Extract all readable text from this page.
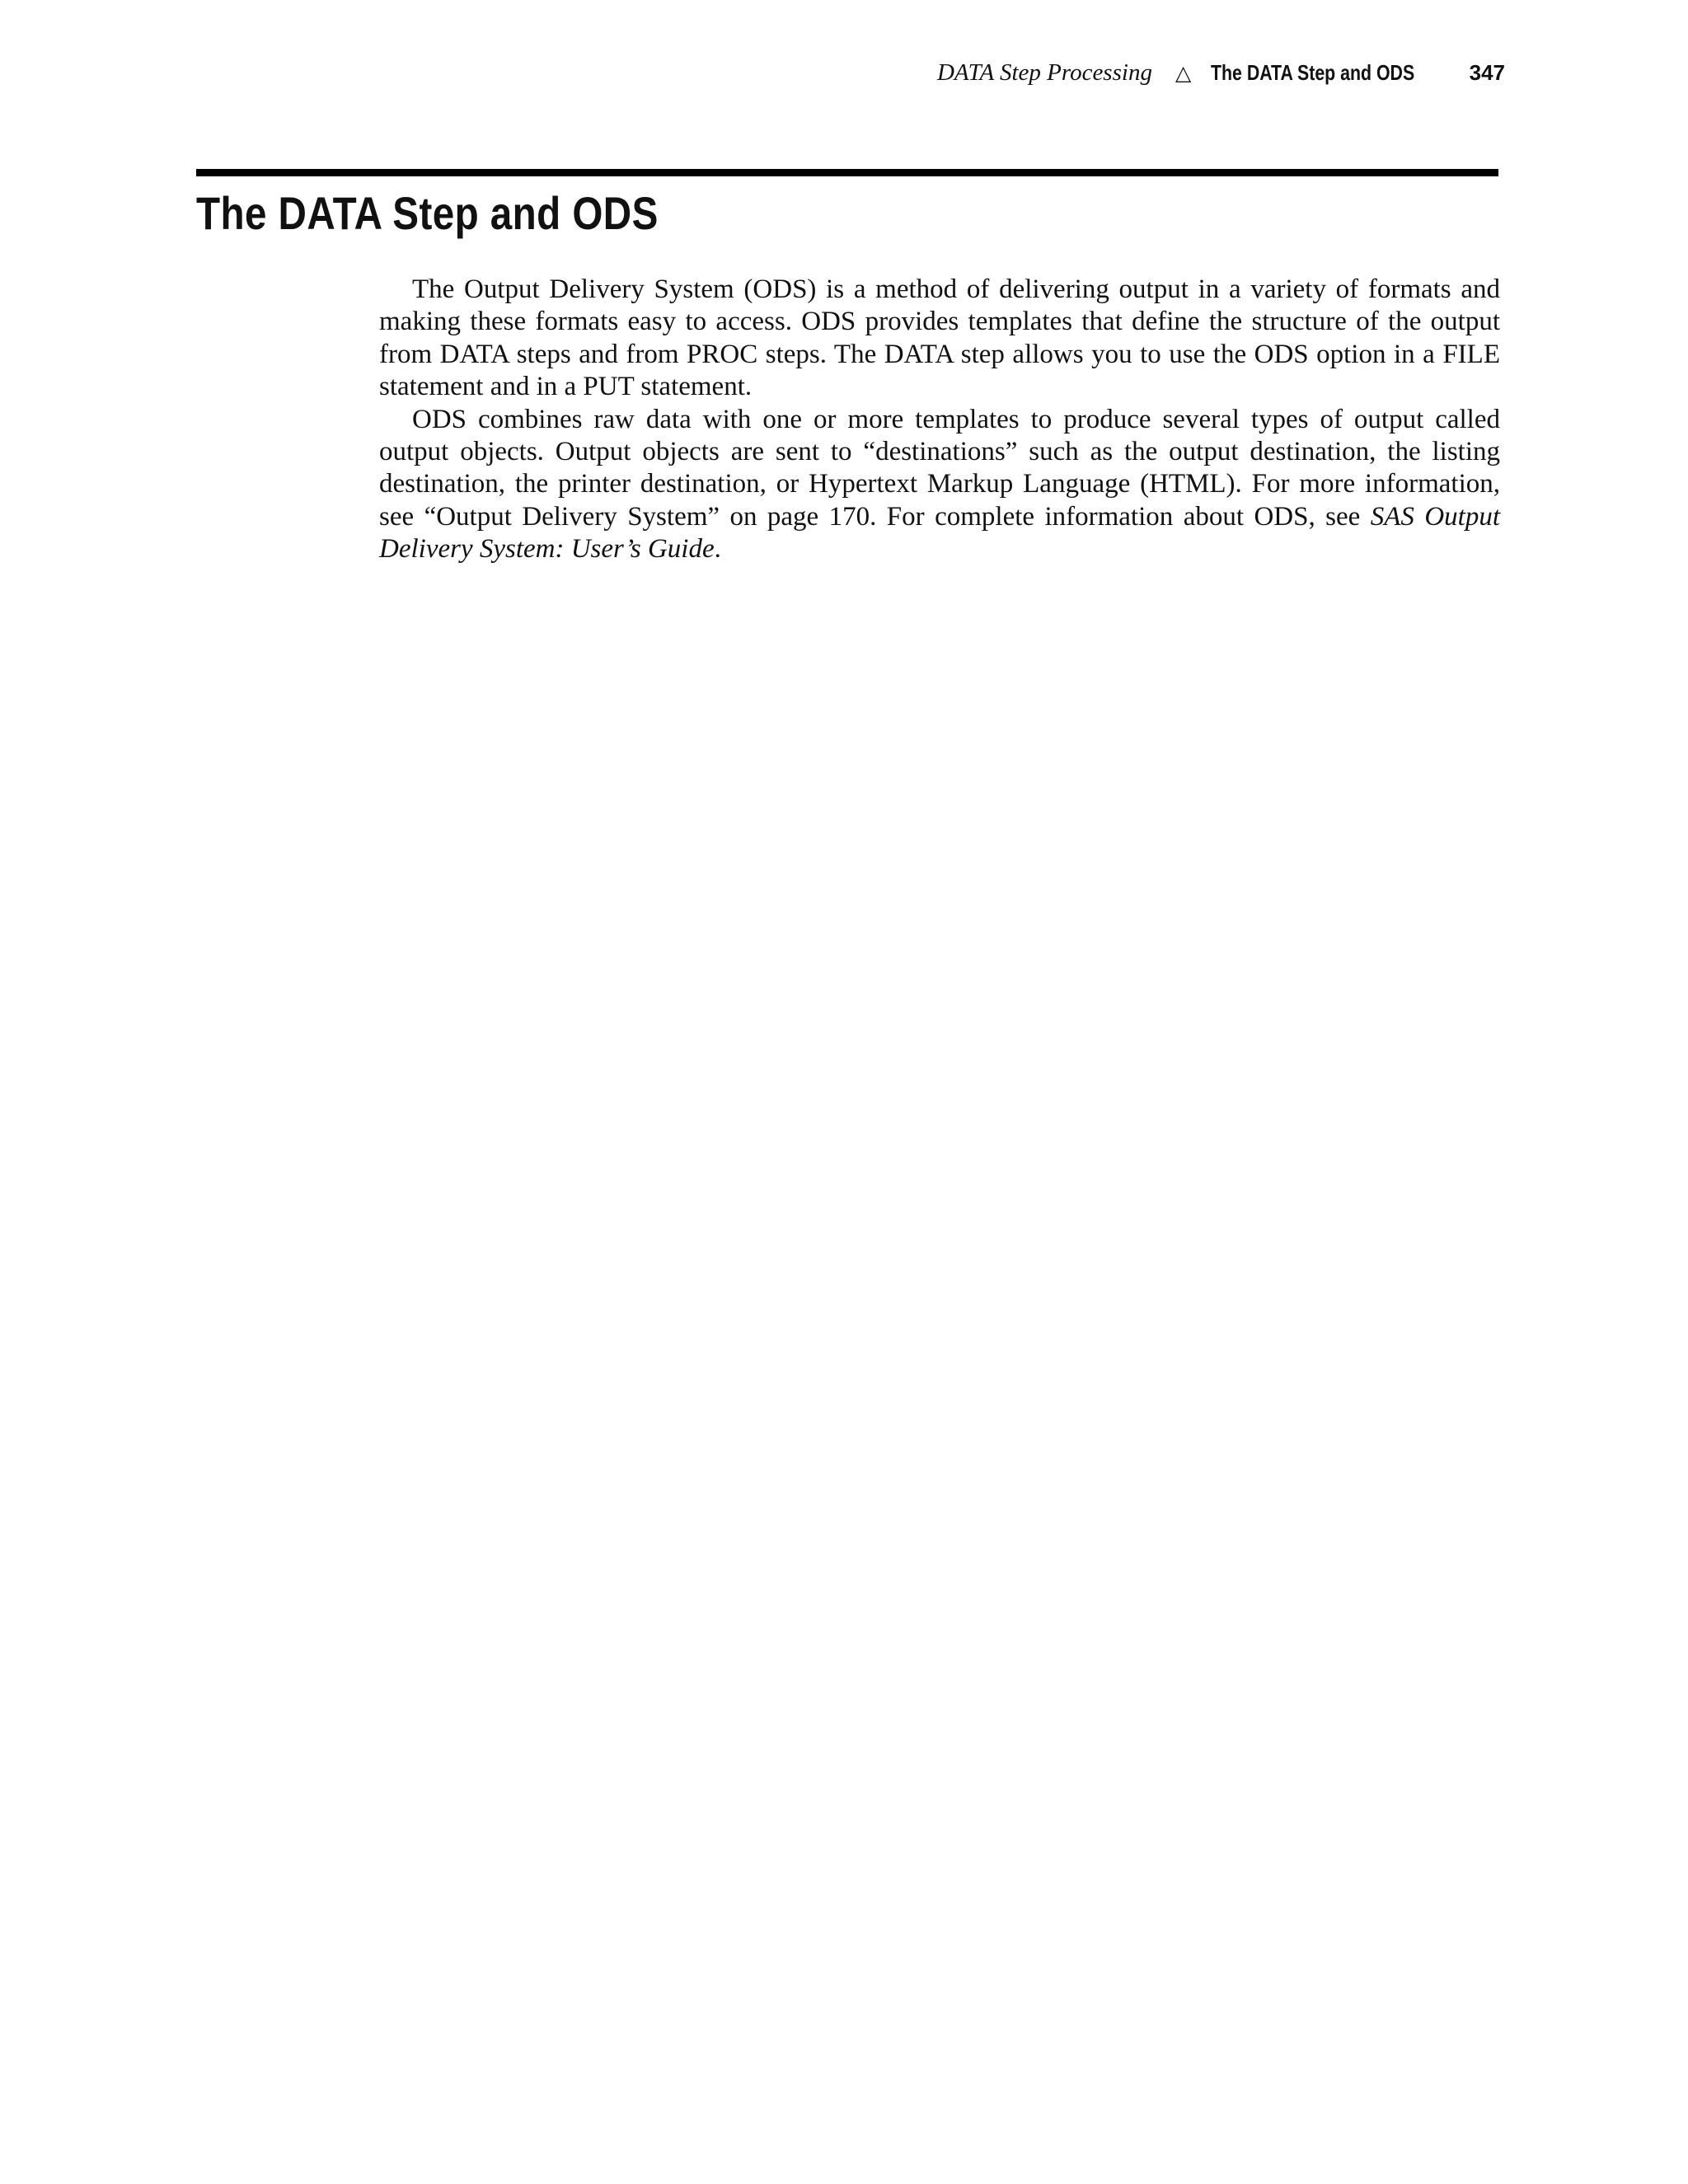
DATA Step Processing △ The DATA Step and ODS	347
The DATA Step and ODS

The Output Delivery System (ODS) is a method of delivering output in a variety of formats and making these formats easy to access. ODS provides templates that define the structure of the output from DATA steps and from PROC steps. The DATA step allows you to use the ODS option in a FILE statement and in a PUT statement.

ODS combines raw data with one or more templates to produce several types of output called output objects. Output objects are sent to “destinations” such as the output destination, the listing destination, the printer destination, or Hypertext Markup Language (HTML). For more information, see “Output Delivery System” on page 170. For complete information about ODS, see SAS Output Delivery System: User’s Guide.
